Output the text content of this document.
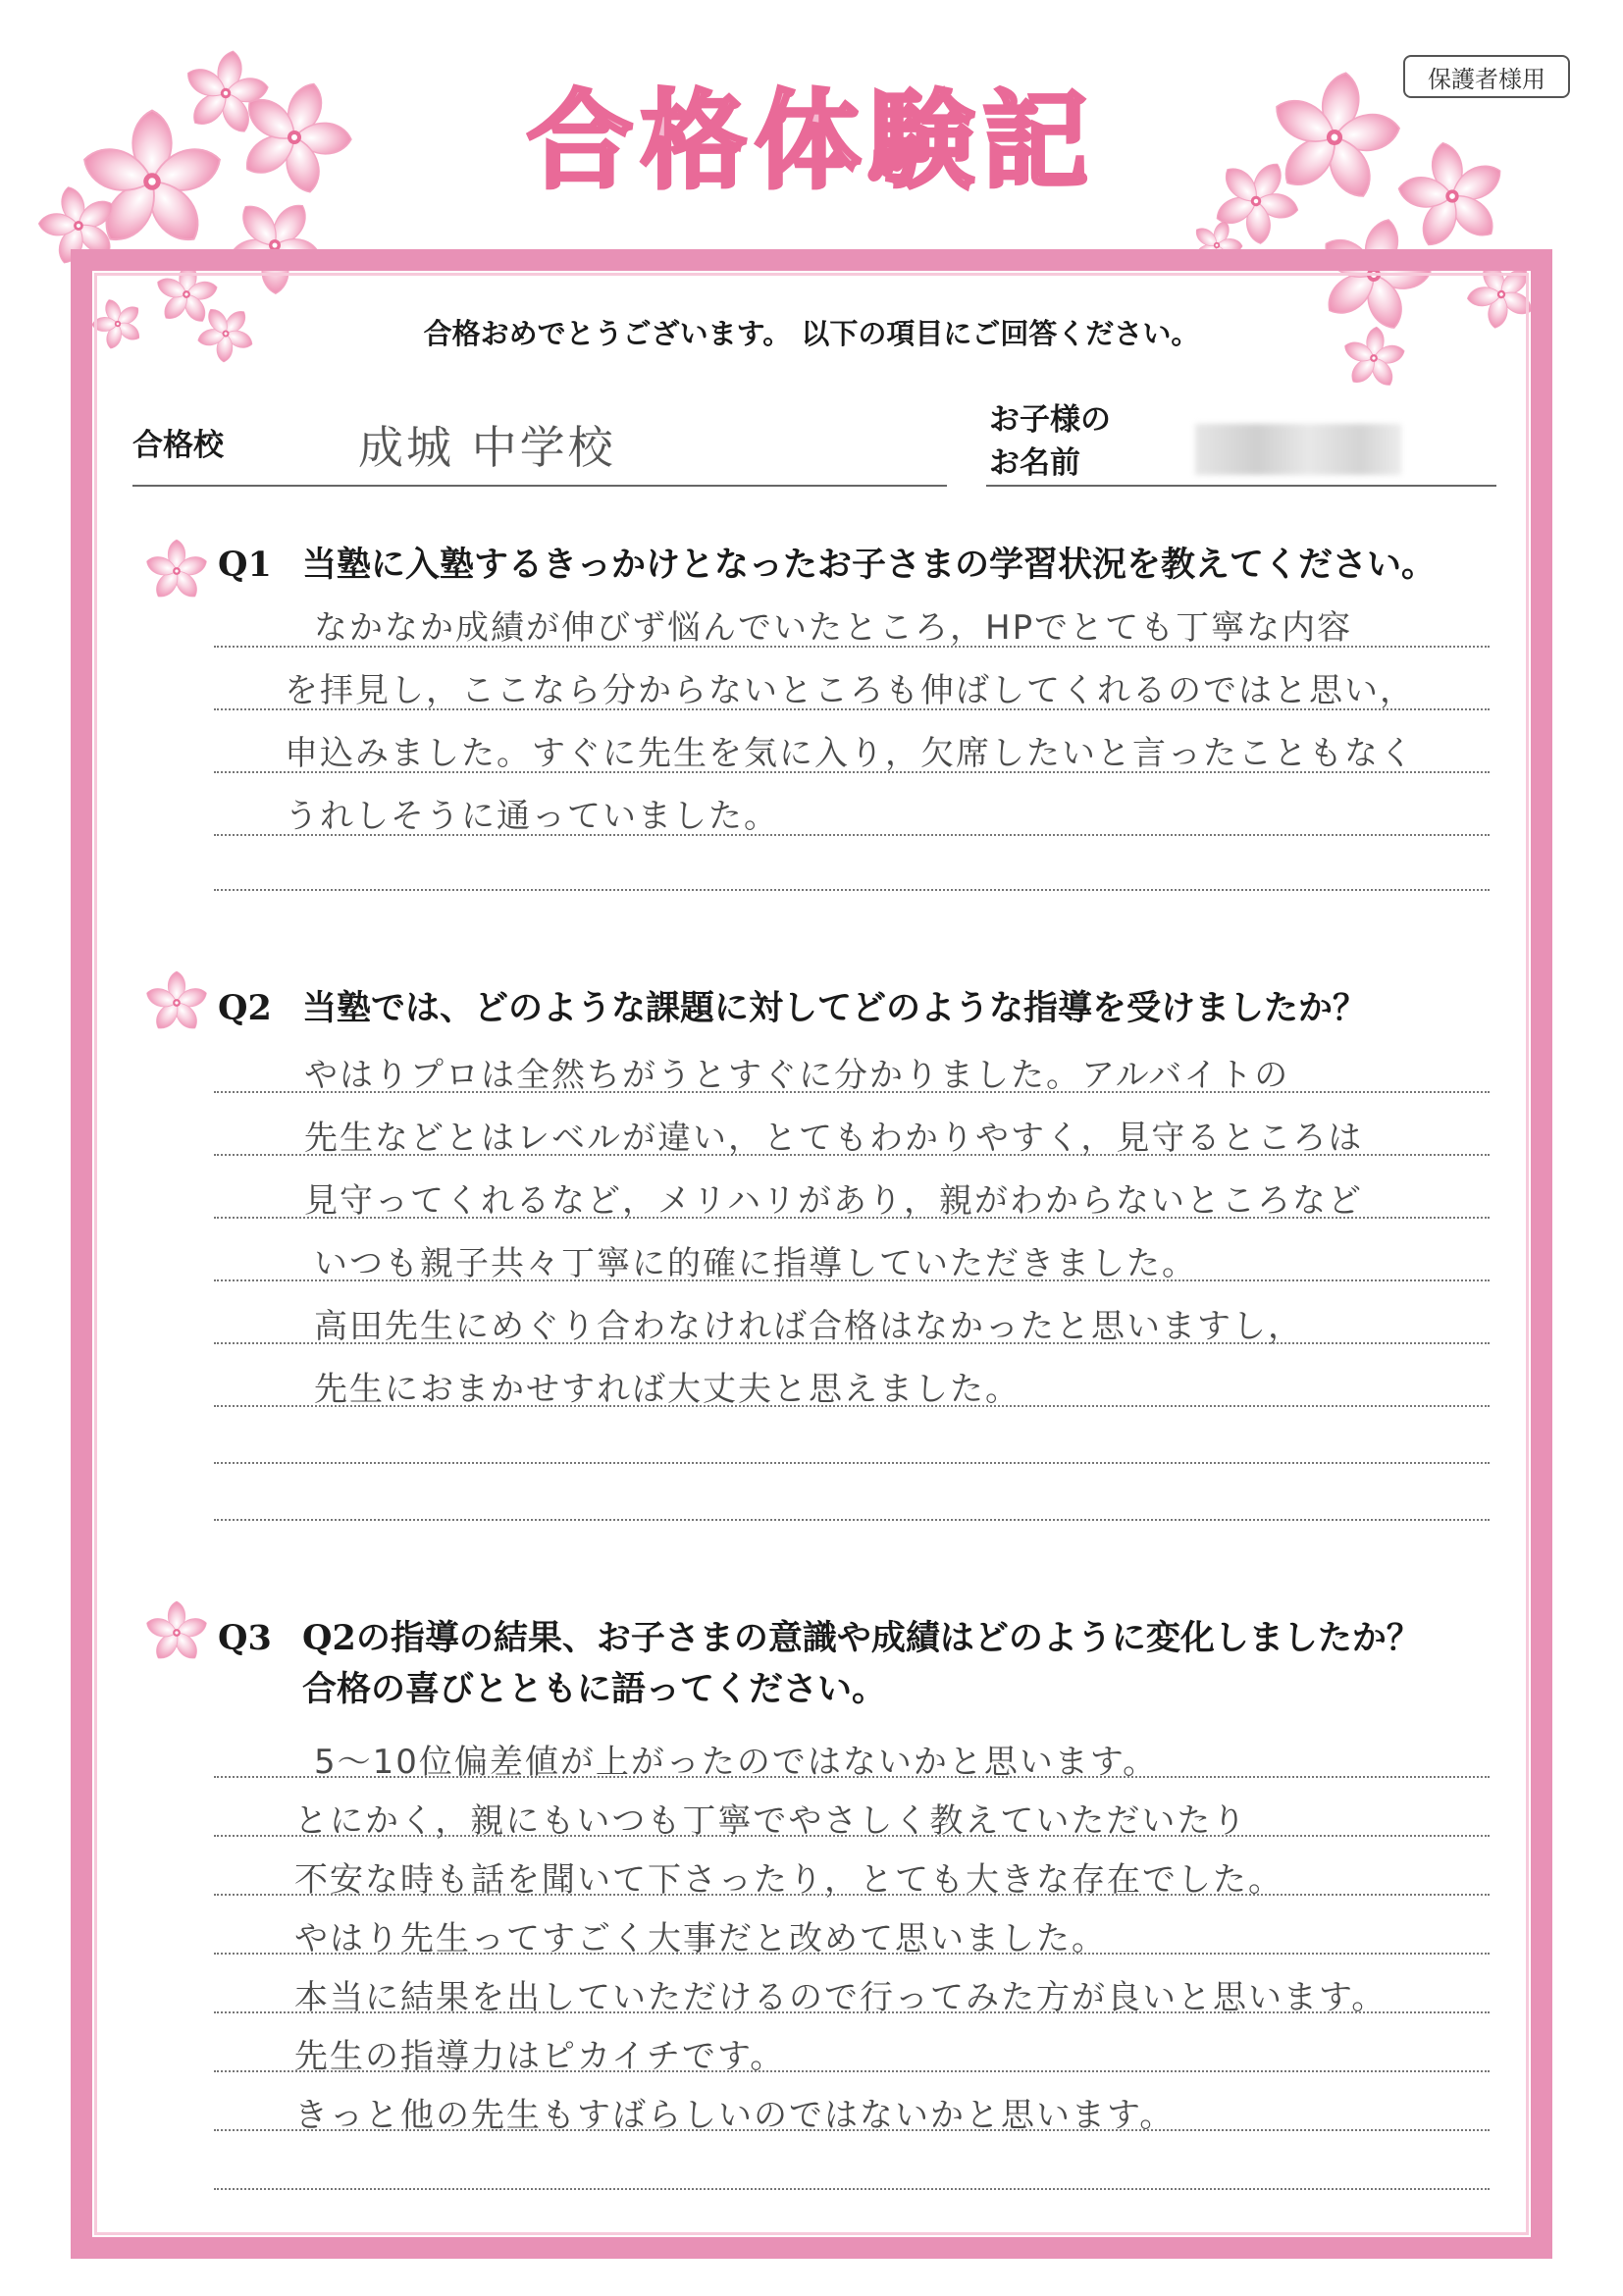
保護者様用
合格体験記
合格おめでとうございます。 以下の項目にご回答ください。
合格校	成城 中学校
お子様の
お名前
Q1 当塾に入塾するきっかけとなったお子さまの学習状況を教えてください。
なかなか成績が伸びず悩んでいたところ，HPでとても丁寧な内容
を拝見し，ここなら分からないところも伸ばしてくれるのではと思い，
申込みました。すぐに先生を気に入り，欠席したいと言ったこともなく
うれしそうに通っていました。
Q2 当塾では、どのような課題に対してどのような指導を受けましたか？
やはりプロは全然ちがうとすぐに分かりました。アルバイトの
先生などとはレベルが違い，とてもわかりやすく，見守るところは
見守ってくれるなど，メリハリがあり，親がわからないところなど
いつも親子共々丁寧に的確に指導していただきました。
高田先生にめぐり合わなければ合格はなかったと思いますし，
先生におまかせすれば大丈夫と思えました。
Q3 Q2の指導の結果、お子さまの意識や成績はどのように変化しましたか？
合格の喜びとともに語ってください。
5～10位偏差値が上がったのではないかと思います。
とにかく，親にもいつも丁寧でやさしく教えていただいたり
不安な時も話を聞いて下さったり，とても大きな存在でした。
やはり先生ってすごく大事だと改めて思いました。
本当に結果を出していただけるので行ってみた方が良いと思います。
先生の指導力はピカイチです。
きっと他の先生もすばらしいのではないかと思います。
